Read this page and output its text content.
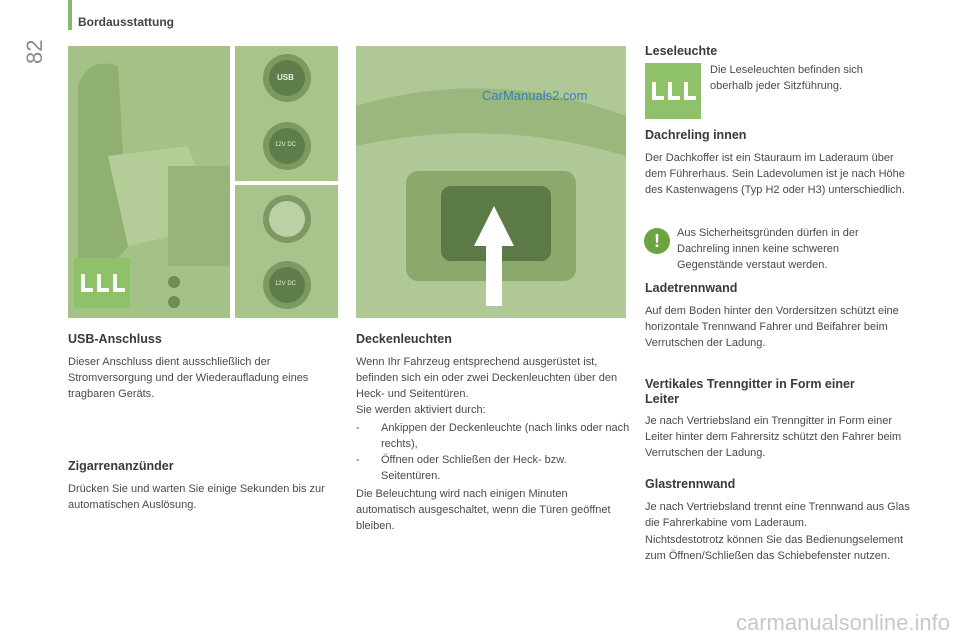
82
Bordausstattung
USB
12V DC
12V DC
CarManuals2.com
USB-Anschluss

Dieser Anschluss dient ausschließlich der Stromversorgung und der Wiederaufladung eines tragbaren Geräts.

Zigarrenanzünder

Drücken Sie und warten Sie einige Sekunden bis zur automatischen Auslösung.

Deckenleuchten

Wenn Ihr Fahrzeug entsprechend ausgerüstet ist, befinden sich ein oder zwei Deckenleuchten über den Heck- und Seitentüren.

Sie werden aktiviert durch:

- Ankippen der Deckenleuchte (nach links oder nach rechts),

- Öffnen oder Schließen der Heck- bzw. Seitentüren.

Die Beleuchtung wird nach einigen Minuten automatisch ausgeschaltet, wenn die Türen geöffnet bleiben.

Leseleuchte

Die Leseleuchten befinden sich oberhalb jeder Sitzführung.

Dachreling innen

Der Dachkoffer ist ein Stauraum im Laderaum über dem Führerhaus. Sein Ladevolumen ist je nach Höhe des Kastenwagens (Typ H2 oder H3) unterschiedlich.

!	Aus Sicherheitsgründen dürfen in der Dachreling innen keine schweren Gegenstände verstaut werden.

Ladetrennwand

Auf dem Boden hinter den Vordersitzen schützt eine horizontale Trennwand Fahrer und Beifahrer beim Verrutschen der Ladung.

Vertikales Trenngitter in Form einer Leiter

Je nach Vertriebsland ein Trenngitter in Form einer Leiter hinter dem Fahrersitz schützt den Fahrer beim Verrutschen der Ladung.

Glastrennwand

Je nach Vertriebsland trennt eine Trennwand aus Glas die Fahrerkabine vom Laderaum.

Nichtsdestotrotz können Sie das Bedienungselement zum Öffnen/Schließen das Schiebefenster nutzen.

carmanualsonline.info
